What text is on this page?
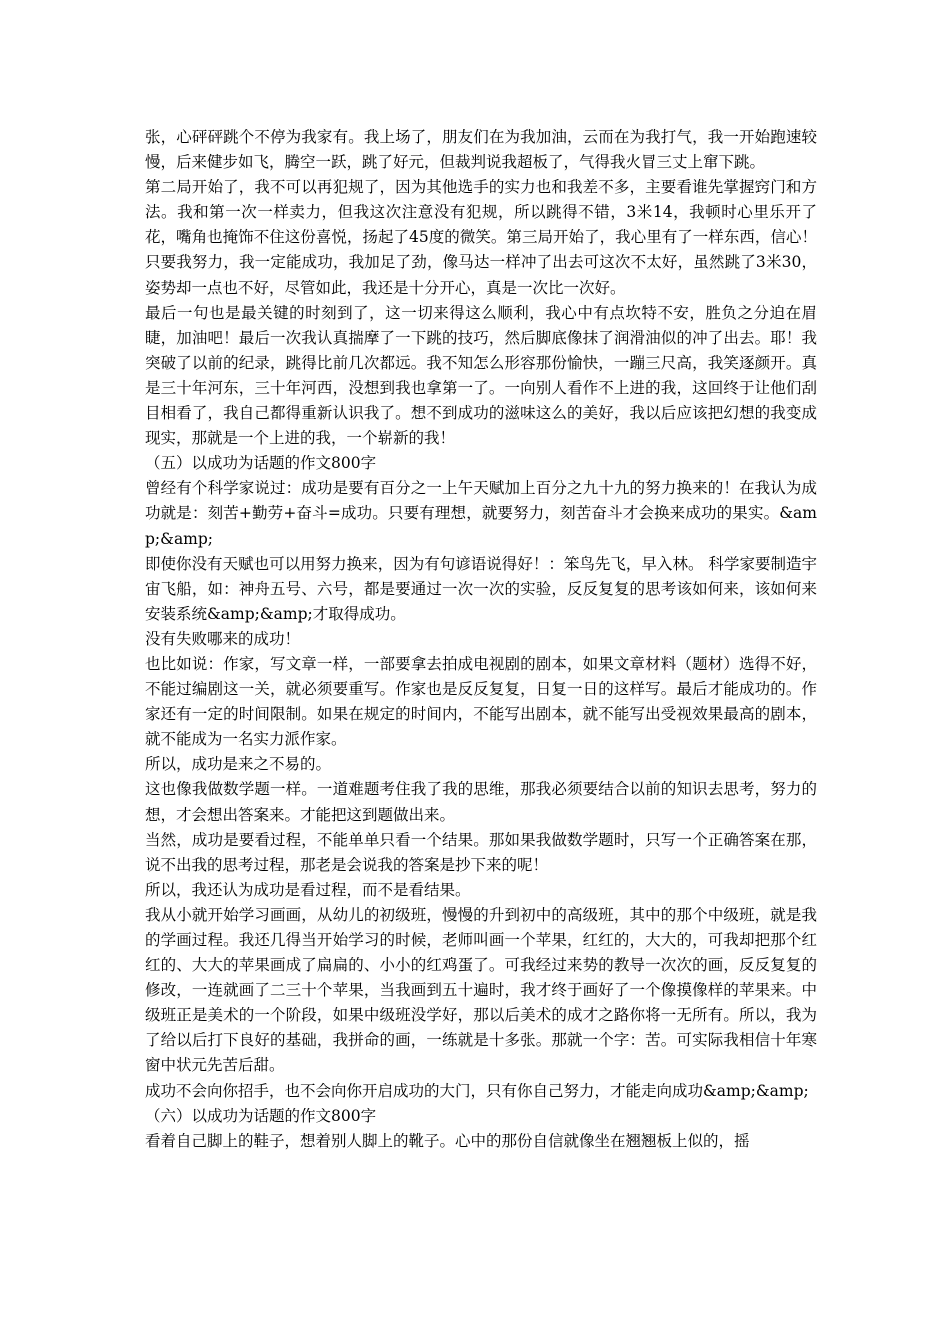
张，心砰砰跳个不停为我家有。我上场了，朋友们在为我加油，云而在为我打气，我一开始跑速较慢，后来健步如飞，腾空一跃，跳了好元，但裁判说我超板了，气得我火冒三丈上窜下跳。

第二局开始了，我不可以再犯规了，因为其他选手的实力也和我差不多，主要看谁先掌握窍门和方法。我和第一次一样卖力，但我这次注意没有犯规，所以跳得不错，3米14，我顿时心里乐开了花，嘴角也掩饰不住这份喜悦，扬起了45度的微笑。第三局开始了，我心里有了一样东西，信心！只要我努力，我一定能成功，我加足了劲，像马达一样冲了出去可这次不太好，虽然跳了3米30，姿势却一点也不好，尽管如此，我还是十分开心，真是一次比一次好。

最后一句也是最关键的时刻到了，这一切来得这么顺利，我心中有点坎特不安，胜负之分迫在眉睫，加油吧！最后一次我认真揣摩了一下跳的技巧，然后脚底像抹了润滑油似的冲了出去。耶！我突破了以前的纪录，跳得比前几次都远。我不知怎么形容那份愉快，一蹦三尺高，我笑逐颜开。真是三十年河东，三十年河西，没想到我也拿第一了。一向别人看作不上进的我，这回终于让他们刮目相看了，我自己都得重新认识我了。想不到成功的滋味这么的美好，我以后应该把幻想的我变成现实，那就是一个上进的我，一个崭新的我！

（五）以成功为话题的作文800字

曾经有个科学家说过：成功是要有百分之一上午天赋加上百分之九十九的努力换来的！在我认为成功就是：刻苦+勤劳+奋斗=成功。只要有理想，就要努力，刻苦奋斗才会换来成功的果实。&amp;&amp;

即使你没有天赋也可以用努力换来，因为有句谚语说得好！：笨鸟先飞，早入林。 科学家要制造宇宙飞船，如：神舟五号、六号，都是要通过一次一次的实验，反反复复的思考该如何来，该如何来安装系统&amp;&amp;才取得成功。

没有失败哪来的成功！

也比如说：作家，写文章一样，一部要拿去拍成电视剧的剧本，如果文章材料（题材）选得不好，不能过编剧这一关，就必须要重写。作家也是反反复复，日复一日的这样写。最后才能成功的。作家还有一定的时间限制。如果在规定的时间内，不能写出剧本，就不能写出受视效果最高的剧本，就不能成为一名实力派作家。

所以，成功是来之不易的。

这也像我做数学题一样。一道难题考住我了我的思维，那我必须要结合以前的知识去思考，努力的想，才会想出答案来。才能把这到题做出来。

当然，成功是要看过程，不能单单只看一个结果。那如果我做数学题时，只写一个正确答案在那，说不出我的思考过程，那老是会说我的答案是抄下来的呢！

所以，我还认为成功是看过程，而不是看结果。

我从小就开始学习画画，从幼儿的初级班，慢慢的升到初中的高级班，其中的那个中级班，就是我的学画过程。我还几得当开始学习的时候，老师叫画一个苹果，红红的，大大的，可我却把那个红红的、大大的苹果画成了扁扁的、小小的红鸡蛋了。可我经过来势的教导一次次的画，反反复复的修改，一连就画了二三十个苹果，当我画到五十遍时，我才终于画好了一个像摸像样的苹果来。中级班正是美术的一个阶段，如果中级班没学好，那以后美术的成才之路你将一无所有。所以，我为了给以后打下良好的基础，我拼命的画，一练就是十多张。那就一个字：苦。可实际我相信十年寒窗中状元先苦后甜。

成功不会向你招手，也不会向你开启成功的大门，只有你自己努力，才能走向成功&amp;&amp;

（六）以成功为话题的作文800字

看着自己脚上的鞋子，想着别人脚上的靴子。心中的那份自信就像坐在翘翘板上似的，摇
